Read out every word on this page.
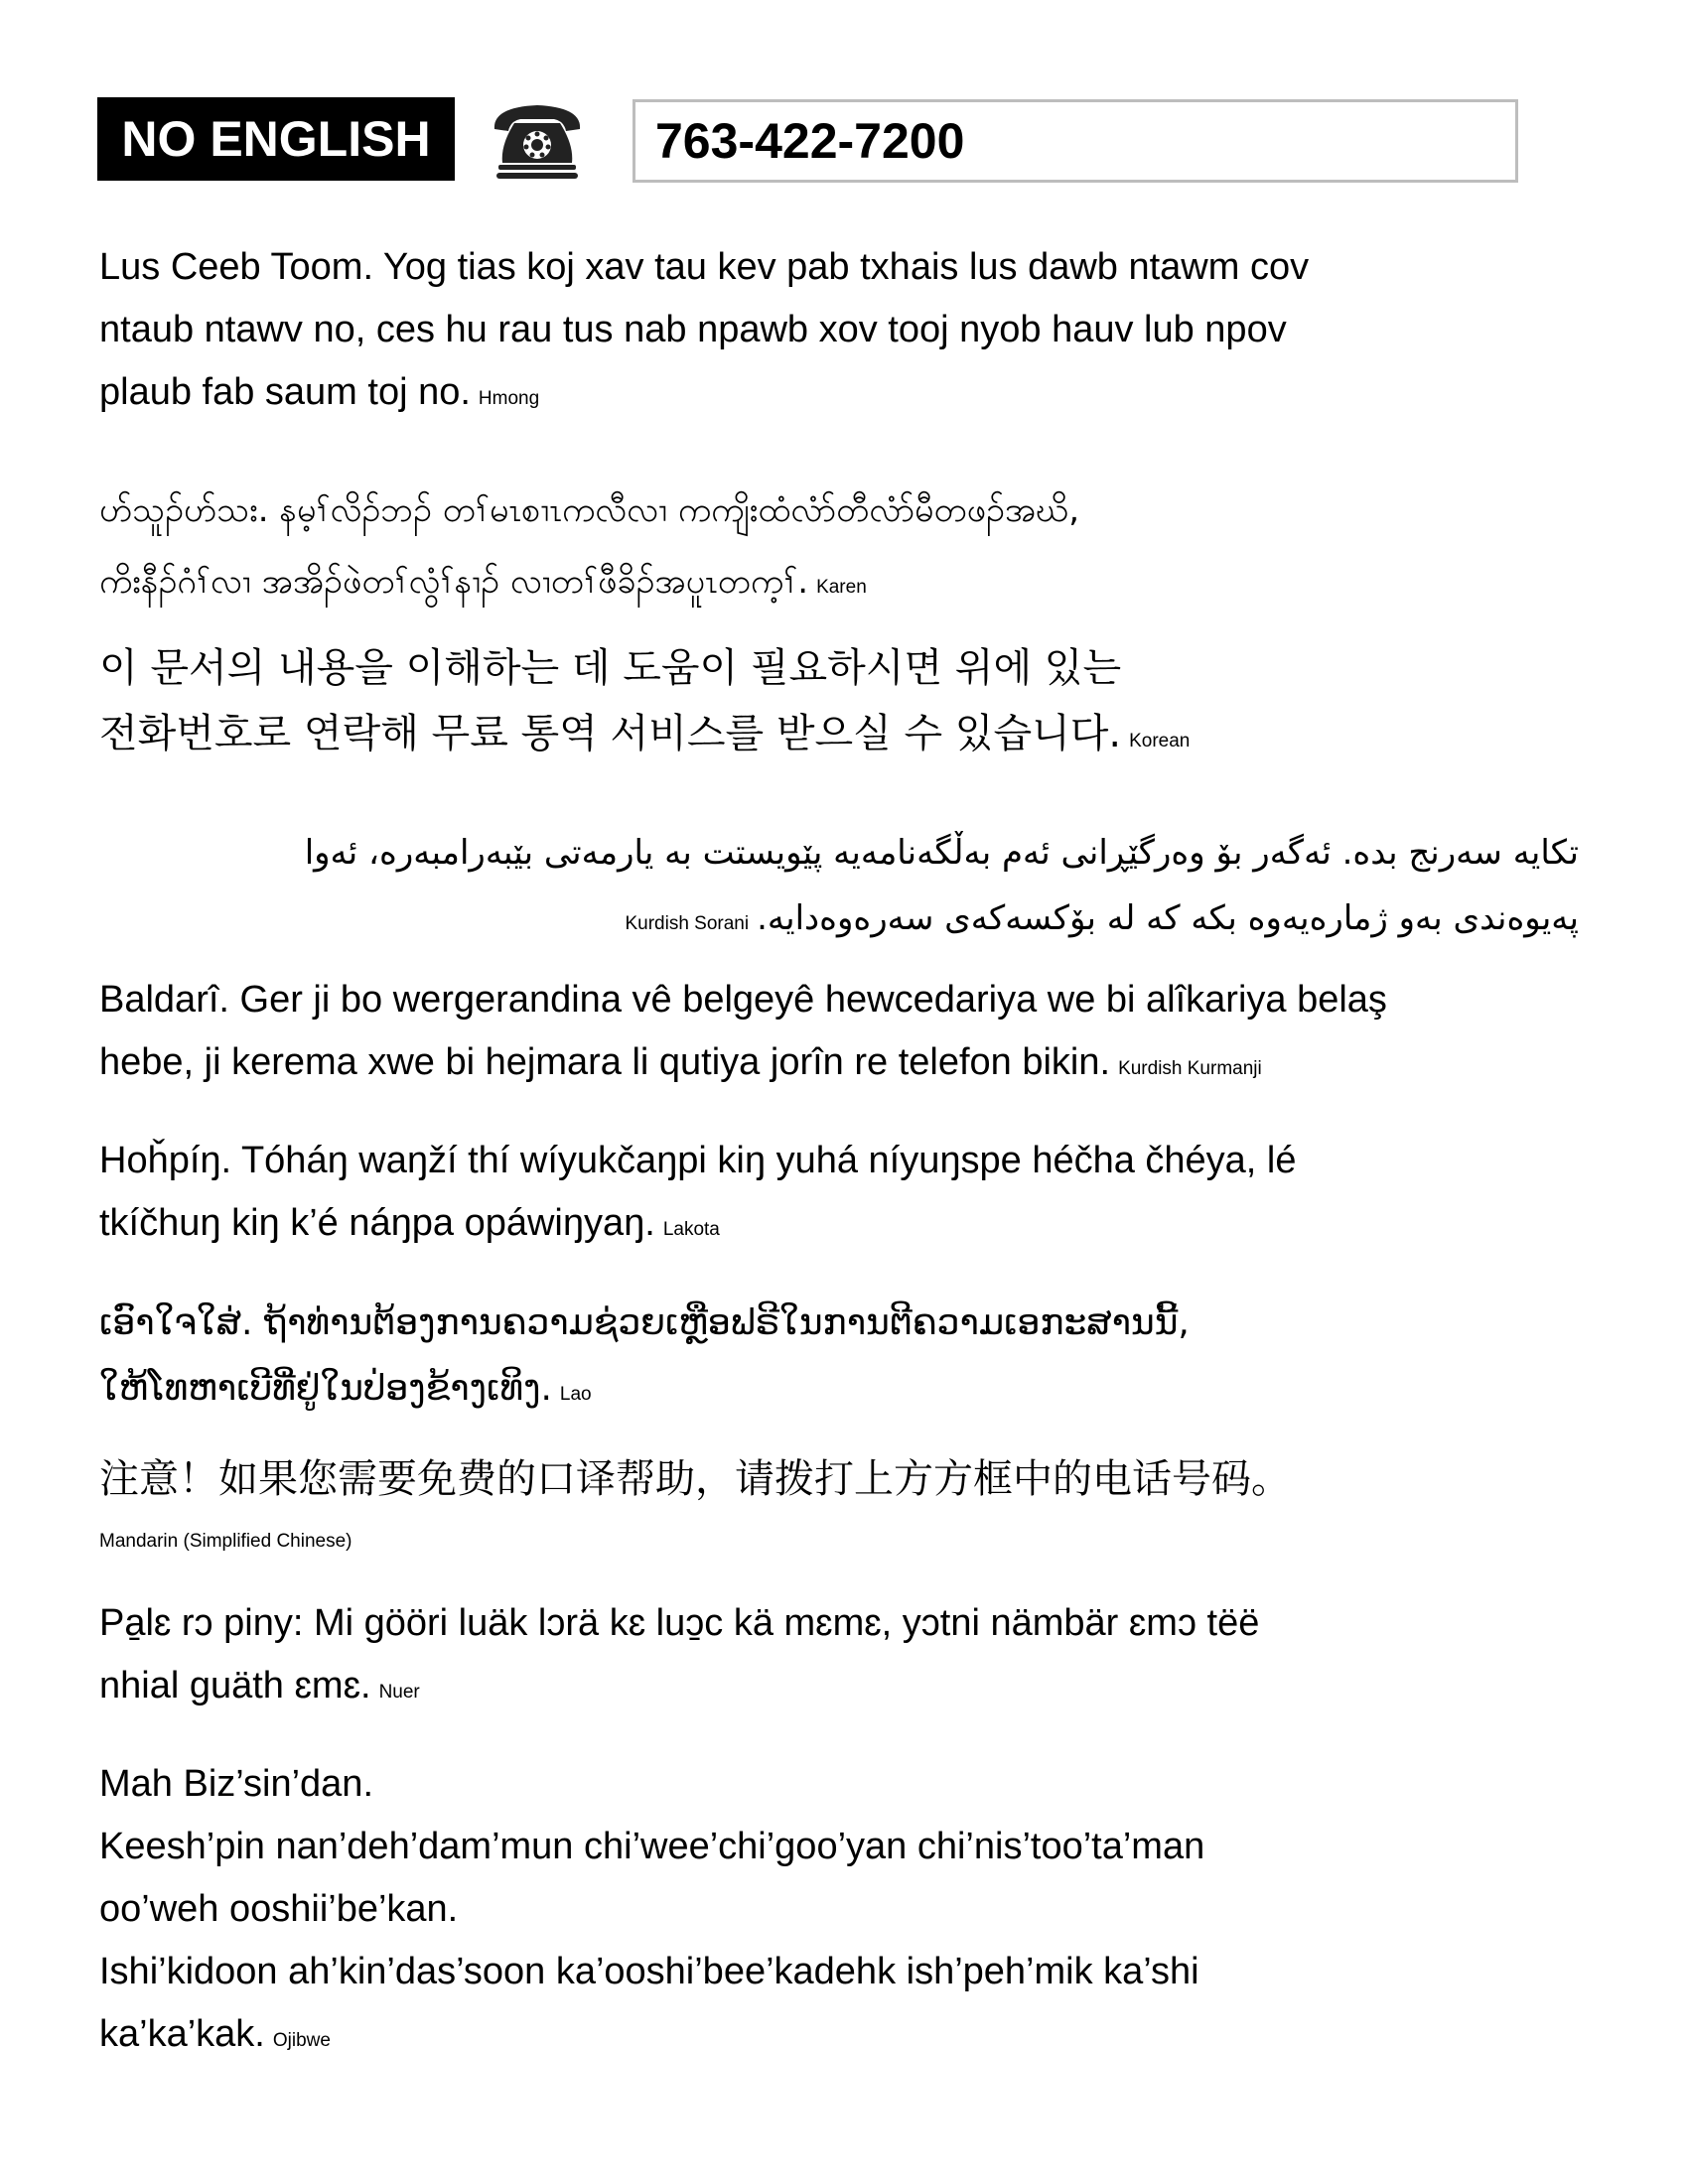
NO ENGLISH	763-422-7200
Lus Ceeb Toom. Yog tias koj xav tau kev pab txhais lus dawb ntawm cov
ntaub ntawv no, ces hu rau tus nab npawb xov tooj nyob hauv lub npov
plaub fab saum toj no. Hmong
ဟ်သူၣ်ဟ်သး. နမ့ၢ်လိၣ်ဘၣ် တၢ်မၤစၢၤကလီလၢ ကကျိးထံလံာ်တီလံာ်မီတဖၣ်အဃိ,
ကိးနီၣ်ဂံၢ်လၢ အအိၣ်ဖဲတၢ်လွံၢ်နၢၣ် လၢတၢ်ဖီခိၣ်အပူၤတက့ၢ်. Karen
이 문서의 내용을 이해하는 데 도움이 필요하시면 위에 있는
전화번호로 연락해 무료 통역 서비스를 받으실 수 있습니다. Korean
تکایە سەرنج بدە. ئەگەر بۆ وەرگێڕانی ئەم بەڵگەنامەیە پێویستت بە یارمەتی بێبەرامبەرە، ئەوا
پەیوەندی بەو ژمارەیەوە بکە کە لە بۆکسەکەی سەرەوەدایە.Kurdish Sorani
Baldarî. Ger ji bo wergerandina vê belgeyê hewcedariya we bi alîkariya belaş
hebe, ji kerema xwe bi hejmara li qutiya jorîn re telefon bikin. Kurdish Kurmanji
Hoȟpíŋ. Tóháŋ waŋží thí wíyukčaŋpi kiŋ yuhá níyuŋspe héčha čhéya, lé
tkíčhuŋ kiŋ k’é náŋpa opáwiŋyaŋ. Lakota
ເອົາໃຈໃສ່. ຖ້າທ່ານຕ້ອງການຄວາມຊ່ວຍເຫຼືອຟຣີໃນການຕີຄວາມເອກະສານນີ້,
ໃຫ້ໂທຫາເບີທີ່ຢູ່ໃນປ່ອງຂ້າງເທິງ. Lao
注意！如果您需要免费的口译帮助，请拨打上方方框中的电话号码。
Mandarin (Simplified Chinese)
Pa̱lɛ rɔ piny: Mi gööri luäk lɔrä kɛ luɔ̱c kä mɛmɛ, yɔtni nämbär ɛmɔ tëë
nhial guäth ɛmɛ. Nuer
Mah Biz’sin’dan.
Keesh’pin nan’deh’dam’mun chi’wee’chi’goo’yan chi’nis’too’ta’man
oo’weh ooshii’be’kan.
Ishi’kidoon ah’kin’das’soon ka’ooshi’bee’kadehk ish’peh’mik ka’shi
ka’ka’kak. Ojibwe
